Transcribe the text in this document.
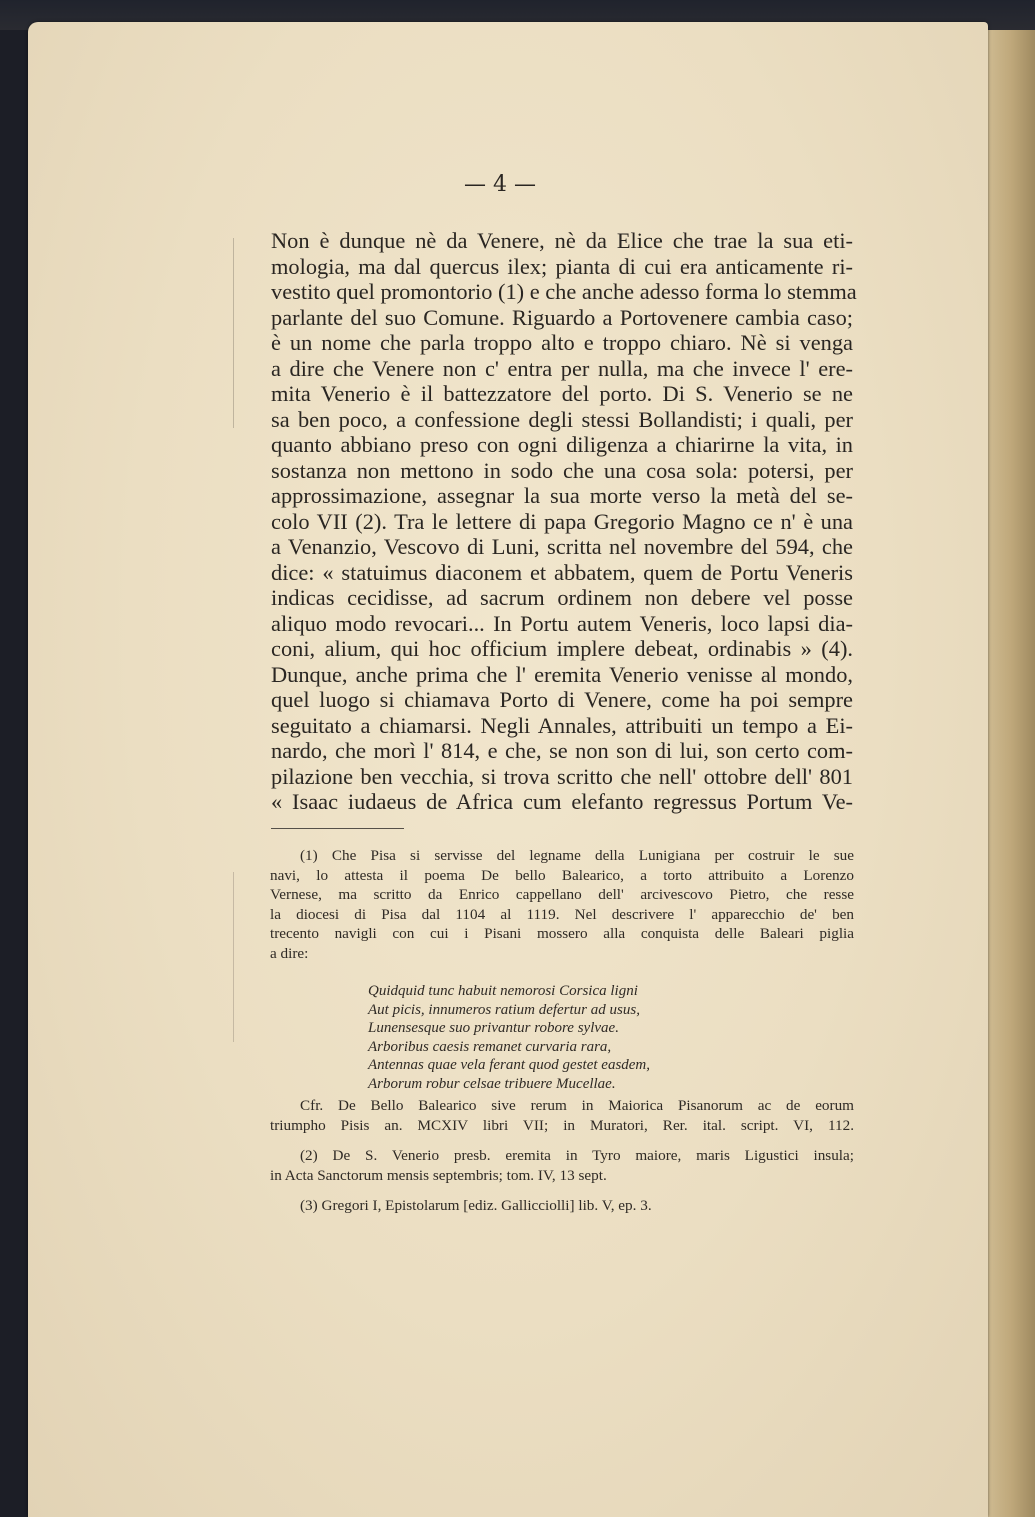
— 4 —
Non è dunque nè da Venere, nè da Elice che trae la sua eti-
mologia, ma dal quercus ilex; pianta di cui era anticamente ri-
vestito quel promontorio (1) e che anche adesso forma lo stemma
parlante del suo Comune. Riguardo a Portovenere cambia caso;
è un nome che parla troppo alto e troppo chiaro. Nè si venga
a dire che Venere non c' entra per nulla, ma che invece l' ere-
mita Venerio è il battezzatore del porto. Di S. Venerio se ne
sa ben poco, a confessione degli stessi Bollandisti; i quali, per
quanto abbiano preso con ogni diligenza a chiarirne la vita, in
sostanza non mettono in sodo che una cosa sola: potersi, per
approssimazione, assegnar la sua morte verso la metà del se-
colo VII (2). Tra le lettere di papa Gregorio Magno ce n' è una
a Venanzio, Vescovo di Luni, scritta nel novembre del 594, che
dice: « statuimus diaconem et abbatem, quem de Portu Veneris
indicas cecidisse, ad sacrum ordinem non debere vel posse
aliquo modo revocari... In Portu autem Veneris, loco lapsi dia-
coni, alium, qui hoc officium implere debeat, ordinabis » (4).
Dunque, anche prima che l' eremita Venerio venisse al mondo,
quel luogo si chiamava Porto di Venere, come ha poi sempre
seguitato a chiamarsi. Negli Annales, attribuiti un tempo a Ei-
nardo, che morì l' 814, e che, se non son di lui, son certo com-
pilazione ben vecchia, si trova scritto che nell' ottobre dell' 801
« Isaac iudaeus de Africa cum elefanto regressus Portum Ve-
(1) Che Pisa si servisse del legname della Lunigiana per costruir le sue
navi, lo attesta il poema De bello Balearico, a torto attribuito a Lorenzo
Vernese, ma scritto da Enrico cappellano dell' arcivescovo Pietro, che resse
la diocesi di Pisa dal 1104 al 1119. Nel descrivere l' apparecchio de' ben
trecento navigli con cui i Pisani mossero alla conquista delle Baleari piglia
a dire:
Quidquid tunc habuit nemorosi Corsica ligni
Aut picis, innumeros ratium defertur ad usus,
Lunensesque suo privantur robore sylvae.
Arboribus caesis remanet curvaria rara,
Antennas quae vela ferant quod gestet easdem,
Arborum robur celsae tribuere Mucellae.
Cfr. De Bello Balearico sive rerum in Maiorica Pisanorum ac de eorum
triumpho Pisis an. MCXIV libri VII; in Muratori, Rer. ital. script. VI, 112.
(2) De S. Venerio presb. eremita in Tyro maiore, maris Ligustici insula;
in Acta Sanctorum mensis septembris; tom. IV, 13 sept.
(3) Gregori I, Epistolarum [ediz. Gallicciolli] lib. V, ep. 3.
